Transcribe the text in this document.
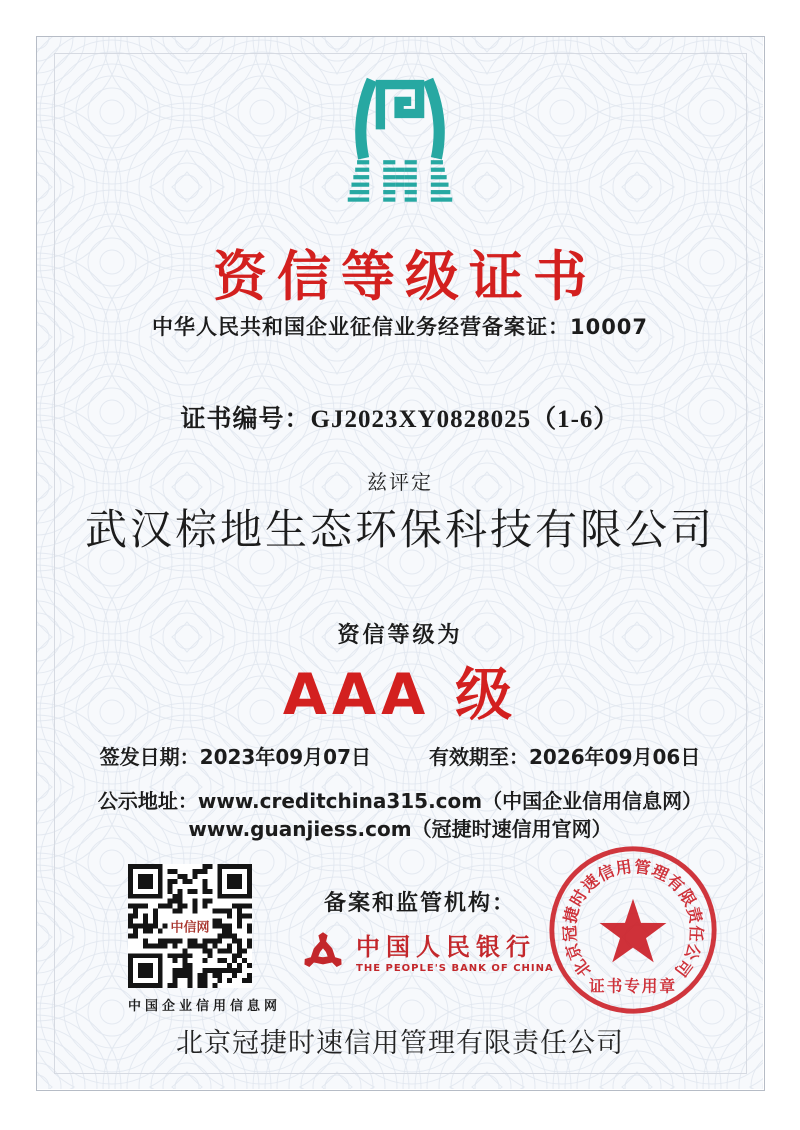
资信等级证书
中华人民共和国企业征信业务经营备案证：10007
证书编号：GJ2023XY0828025（1-6）
兹评定
武汉棕地生态环保科技有限公司
资信等级为
AAA 级
签发日期：2023年09月07日	有效期至：2026年09月06日
公示地址：www.creditchina315.com（中国企业信用信息网）
www.guanjiess.com（冠捷时速信用官网）
中信网
中国企业信用信息网
备案和监管机构：
中国人民银行
THE PEOPLE'S BANK OF CHINA 北
京
冠
捷
时
速
信
用 管
理
有
限
责
任
公
司
证书专用章
北京冠捷时速信用管理有限责任公司
